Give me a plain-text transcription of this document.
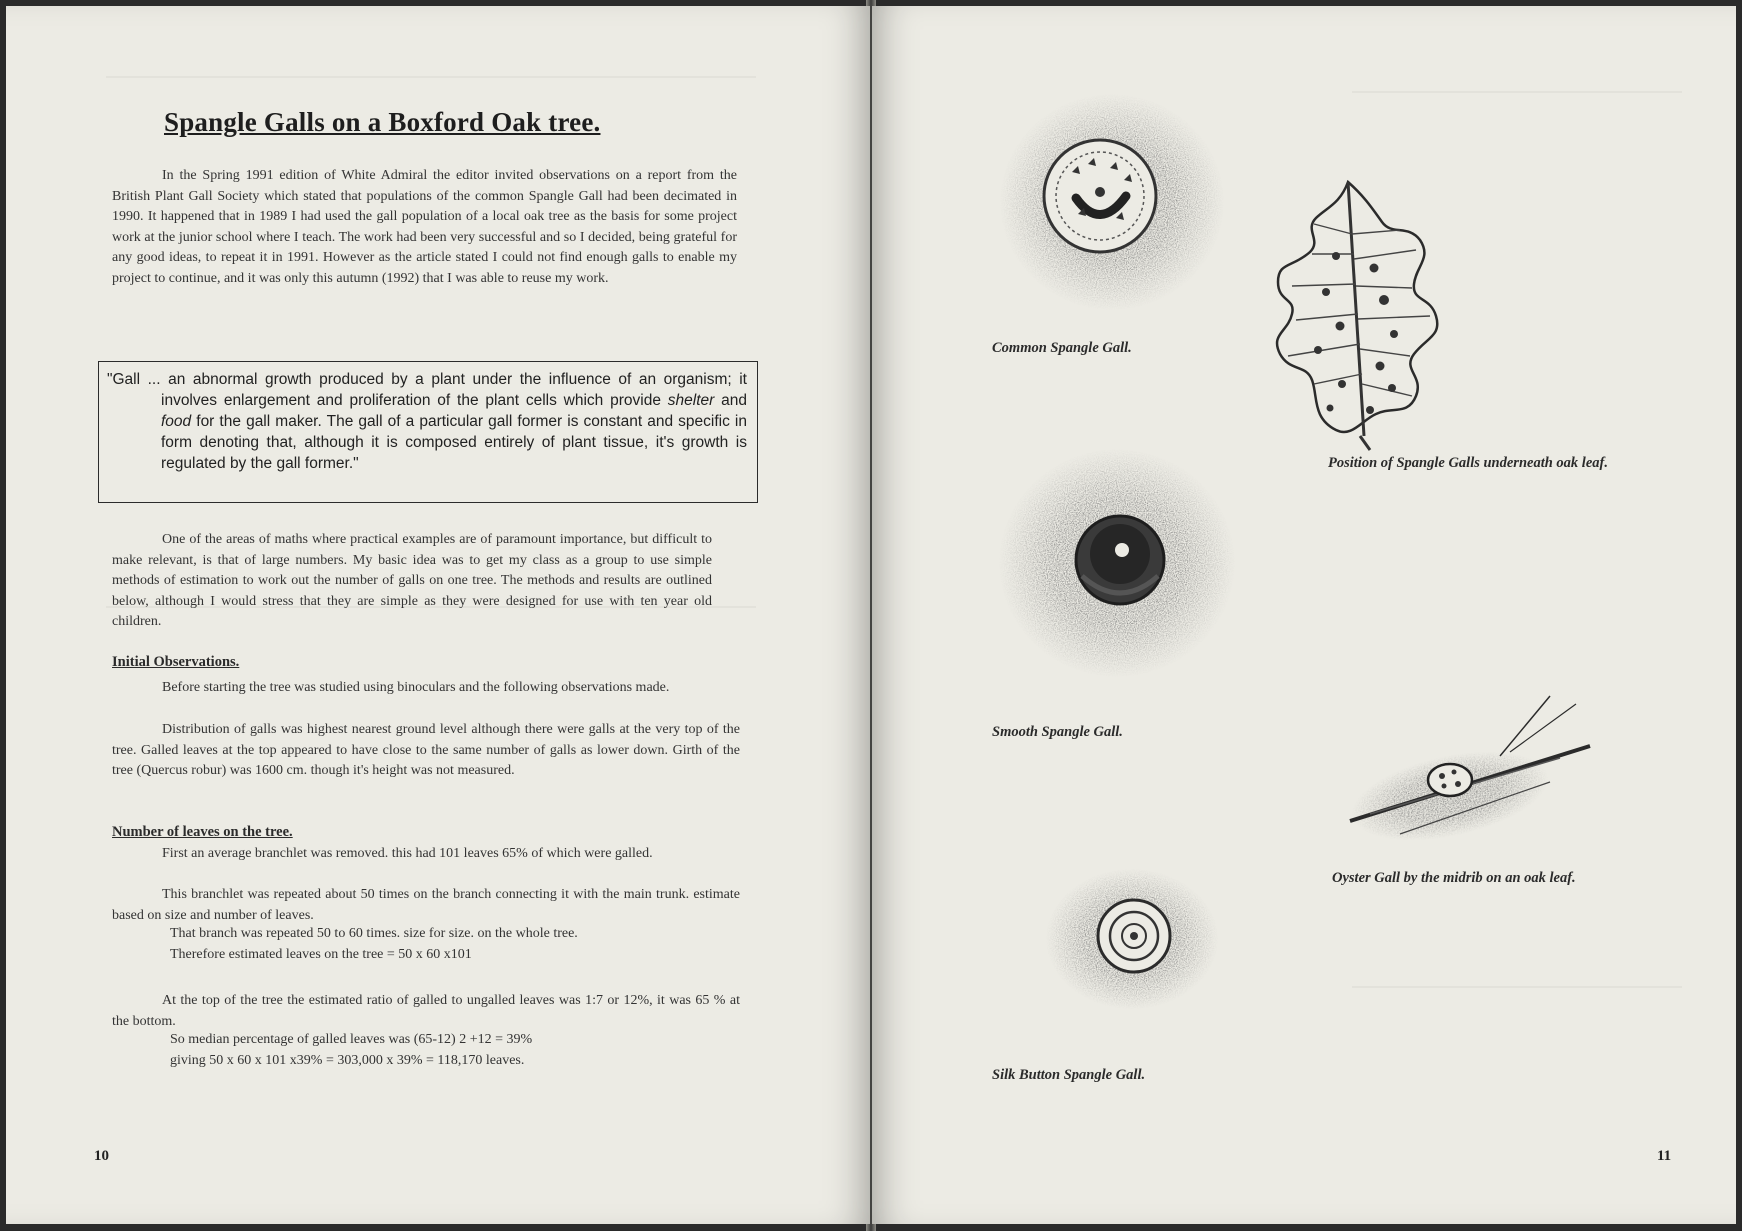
Spangle Galls on a Boxford Oak tree.

In the Spring 1991 edition of White Admiral the editor invited observations on a report from the British Plant Gall Society which stated that populations of the common Spangle Gall had been decimated in 1990. It happened that in 1989 I had used the gall population of a local oak tree as the basis for some project work at the junior school where I teach. The work had been very successful and so I decided, being grateful for any good ideas, to repeat it in 1991. However as the article stated I could not find enough galls to enable my project to continue, and it was only this autumn (1992) that I was able to reuse my work.

"Gall ... an abnormal growth produced by a plant under the influence of an organism; it involves enlargement and proliferation of the plant cells which provide shelter and food for the gall maker. The gall of a particular gall former is constant and specific in form denoting that, although it is composed entirely of plant tissue, it's growth is regulated by the gall former."

One of the areas of maths where practical examples are of paramount importance, but difficult to make relevant, is that of large numbers. My basic idea was to get my class as a group to use simple methods of estimation to work out the number of galls on one tree. The methods and results are outlined below, although I would stress that they are simple as they were designed for use with ten year old children.

Initial Observations.

Before starting the tree was studied using binoculars and the following observations made.

Distribution of galls was highest nearest ground level although there were galls at the very top of the tree. Galled leaves at the top appeared to have close to the same number of galls as lower down. Girth of the tree (Quercus robur) was 1600 cm. though it's height was not measured.

Number of leaves on the tree.

First an average branchlet was removed. this had 101 leaves 65% of which were galled.

This branchlet was repeated about 50 times on the branch connecting it with the main trunk. estimate based on size and number of leaves.

That branch was repeated 50 to 60 times. size for size. on the whole tree.

Therefore estimated leaves on the tree = 50 x 60 x101

At the top of the tree the estimated ratio of galled to ungalled leaves was 1:7 or 12%, it was 65 % at the bottom.

So median percentage of galled leaves was (65-12) 2 +12 = 39%

giving 50 x 60 x 101 x39% = 303,000 x 39% = 118,170 leaves.

10

Common Spangle Gall.

Position of Spangle Galls underneath oak leaf.

Smooth Spangle Gall.

Oyster Gall by the midrib on an oak leaf.

Silk Button Spangle Gall.

11
